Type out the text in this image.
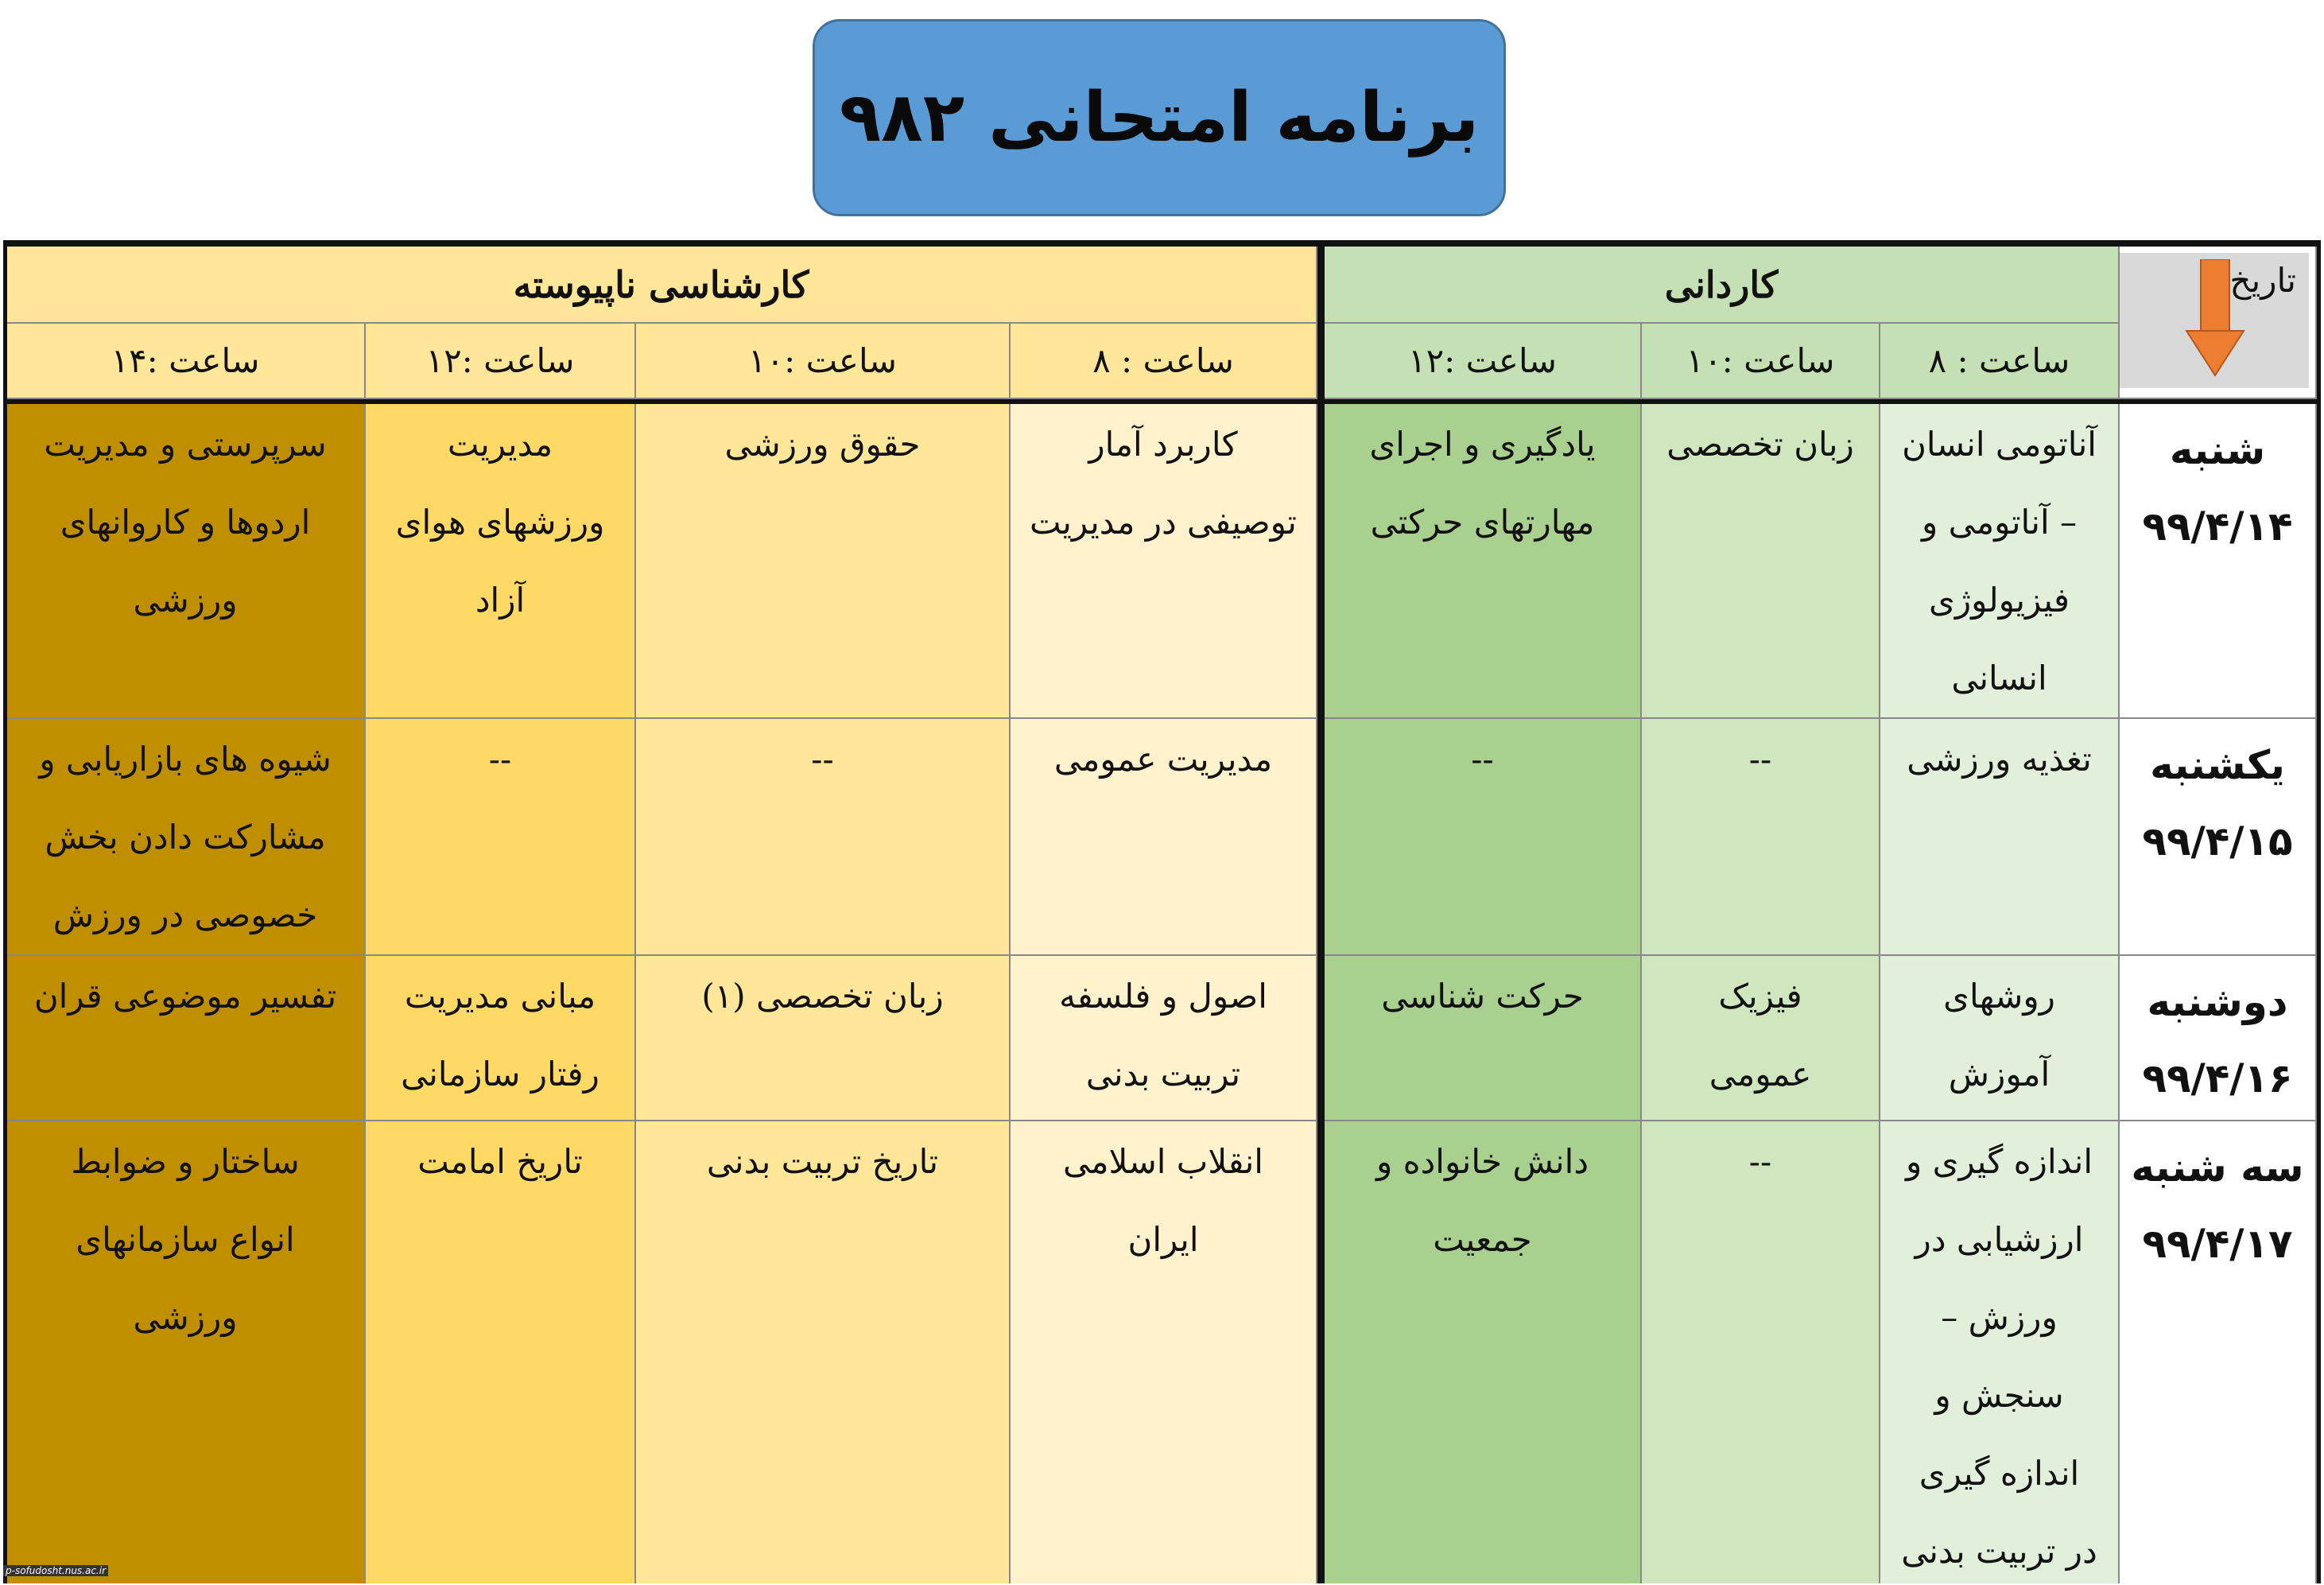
برنامه امتحانی ۹۸۲
تاریخ
کاردانی
کارشناسی ناپیوسته
ساعت : ۸
ساعت :۱۰
ساعت :۱۲
ساعت : ۸
ساعت :۱۰
ساعت :۱۲
ساعت :۱۴
شنبه
۹۹/۴/۱۴
یکشنبه
۹۹/۴/۱۵
دوشنبه
۹۹/۴/۱۶
سه شنبه
۹۹/۴/۱۷
آناتومی انسان
– آناتومی و
فیزیولوژی
انسانی
زبان تخصصی
یادگیری و اجرای
مهارتهای حرکتی
کاربرد آمار
توصیفی در مدیریت
حقوق ورزشی
مدیریت
ورزشهای هوای
آزاد
سرپرستی و مدیریت
اردوها و کاروانهای
ورزشی
تغذیه ورزشی
--
--
مدیریت عمومی
--
--
شیوه های بازاریابی و
مشارکت دادن بخش
خصوصی در ورزش
روشهای
آموزش
فیزیک
عمومی
حرکت شناسی
اصول و فلسفه
تربیت بدنی
زبان تخصصی (۱)
مبانی مدیریت
رفتار سازمانی
تفسیر موضوعی قران
اندازه گیری و
ارزشیابی در
ورزش –
سنجش و
اندازه گیری
در تربیت بدنی
--
دانش خانواده و
جمعیت
انقلاب اسلامی
ایران
تاریخ تربیت بدنی
تاریخ امامت
ساختار و ضوابط
انواع سازمانهای
ورزشی
p-sofudosht.nus.ac.ir
